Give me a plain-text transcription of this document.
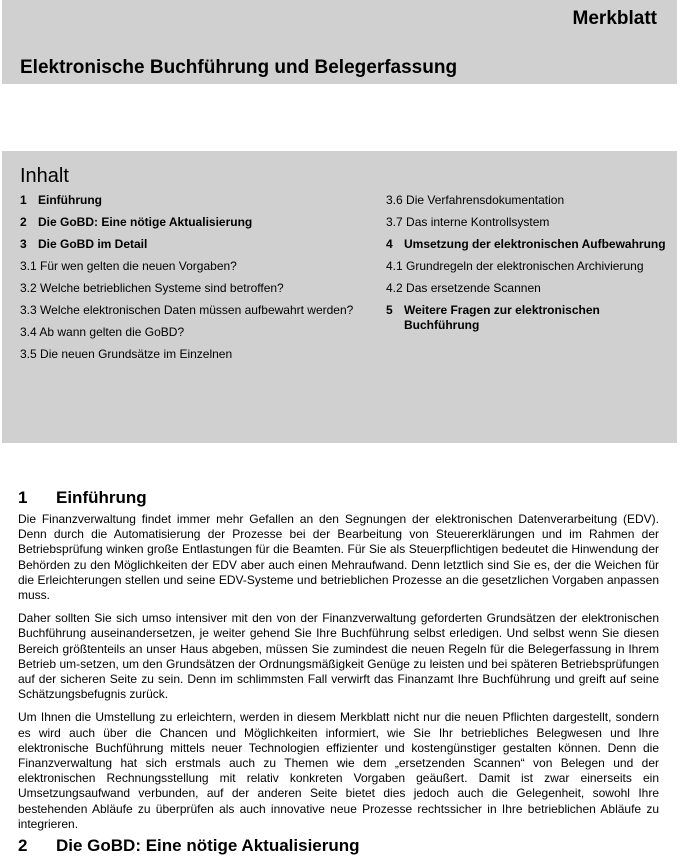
Merkblatt
Elektronische Buchführung und Belegerfassung
Inhalt
1 Einführung
2 Die GoBD: Eine nötige Aktualisierung
3 Die GoBD im Detail
3.1 Für wen gelten die neuen Vorgaben?
3.2 Welche betrieblichen Systeme sind betroffen?
3.3 Welche elektronischen Daten müssen aufbewahrt werden?
3.4 Ab wann gelten die GoBD?
3.5 Die neuen Grundsätze im Einzelnen
3.6 Die Verfahrensdokumentation
3.7 Das interne Kontrollsystem
4 Umsetzung der elektronischen Aufbewahrung
4.1 Grundregeln der elektronischen Archivierung
4.2 Das ersetzende Scannen
5 Weitere Fragen zur elektronischen Buchführung
1 Einführung

Die Finanzverwaltung findet immer mehr Gefallen an den Segnungen der elektronischen Datenverarbeitung (EDV). Denn durch die Automatisierung der Prozesse bei der Bearbeitung von Steuererklärungen und im Rahmen der Betriebsprüfung winken große Entlastungen für die Beamten. Für Sie als Steuerpflichtigen bedeutet die Hinwendung der Behörden zu den Möglichkeiten der EDV aber auch einen Mehraufwand. Denn letztlich sind Sie es, der die Weichen für die Erleichterungen stellen und seine EDV-Systeme und betrieblichen Prozesse an die gesetzlichen Vorgaben anpassen muss.

Daher sollten Sie sich umso intensiver mit den von der Finanzverwaltung geforderten Grundsätzen der elektronischen Buchführung auseinandersetzen, je weiter gehend Sie Ihre Buchführung selbst erledigen. Und selbst wenn Sie diesen Bereich größtenteils an unser Haus abgeben, müssen Sie zumindest die neuen Regeln für die Belegerfassung in Ihrem Betrieb um-setzen, um den Grundsätzen der Ordnungsmäßigkeit Genüge zu leisten und bei späteren Betriebsprüfungen auf der sicheren Seite zu sein. Denn im schlimmsten Fall verwirft das Finanzamt Ihre Buchführung und greift auf seine Schätzungsbefugnis zurück.

Um Ihnen die Umstellung zu erleichtern, werden in diesem Merkblatt nicht nur die neuen Pflichten dargestellt, sondern es wird auch über die Chancen und Möglichkeiten informiert, wie Sie Ihr betriebliches Belegwesen und Ihre elektronische Buchführung mittels neuer Technologien effizienter und kostengünstiger gestalten können. Denn die Finanzverwaltung hat sich erstmals auch zu Themen wie dem „ersetzenden Scannen“ von Belegen und der elektronischen Rechnungsstellung mit relativ konkreten Vorgaben geäußert. Damit ist zwar einerseits ein Umsetzungsaufwand verbunden, auf der anderen Seite bietet dies jedoch auch die Gelegenheit, sowohl Ihre bestehenden Abläufe zu überprüfen als auch innovative neue Prozesse rechtssicher in Ihre betrieblichen Abläufe zu integrieren.

2 Die GoBD: Eine nötige Aktualisierung
